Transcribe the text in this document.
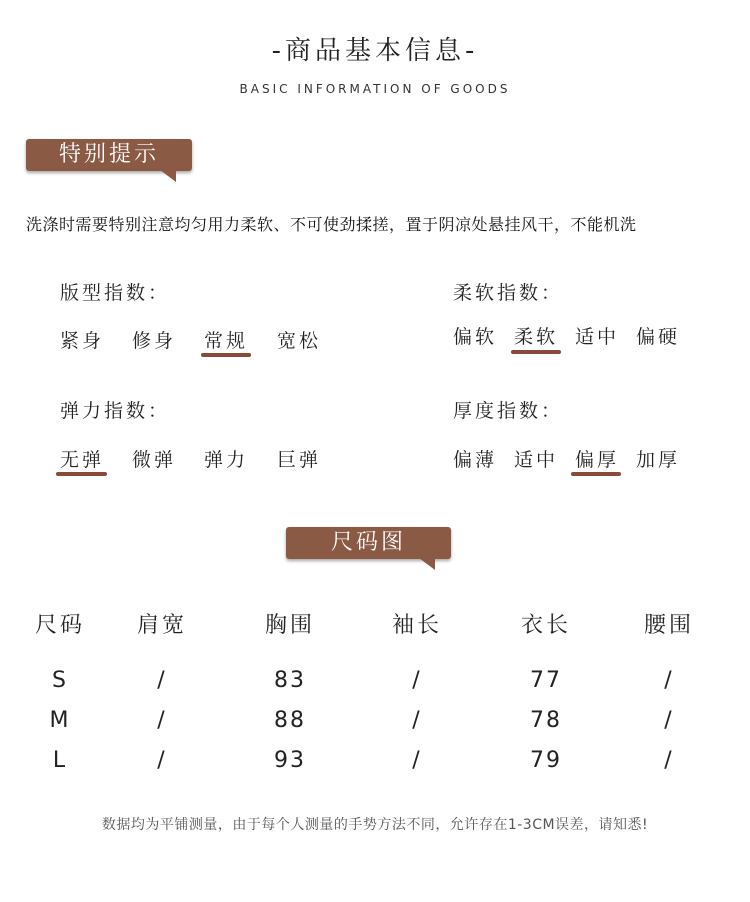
-商品基本信息-
BASIC INFORMATION OF GOODS
特别提示
洗涤时需要特别注意均匀用力柔软、不可使劲揉搓，置于阴凉处悬挂风干，不能机洗
版型指数：
紧身 修身 常规 宽松
柔软指数：
偏软 柔软 适中 偏硬
弹力指数：
无弹 微弹 弹力 巨弹
厚度指数：
偏薄 适中 偏厚 加厚
尺码图
尺码	肩宽	胸围	袖长	衣长	腰围
S	/	83	/	77	/
M	/	88	/	78	/
L	/	93	/	79	/
数据均为平铺测量，由于每个人测量的手势方法不同，允许存在1-3CM误差，请知悉!
